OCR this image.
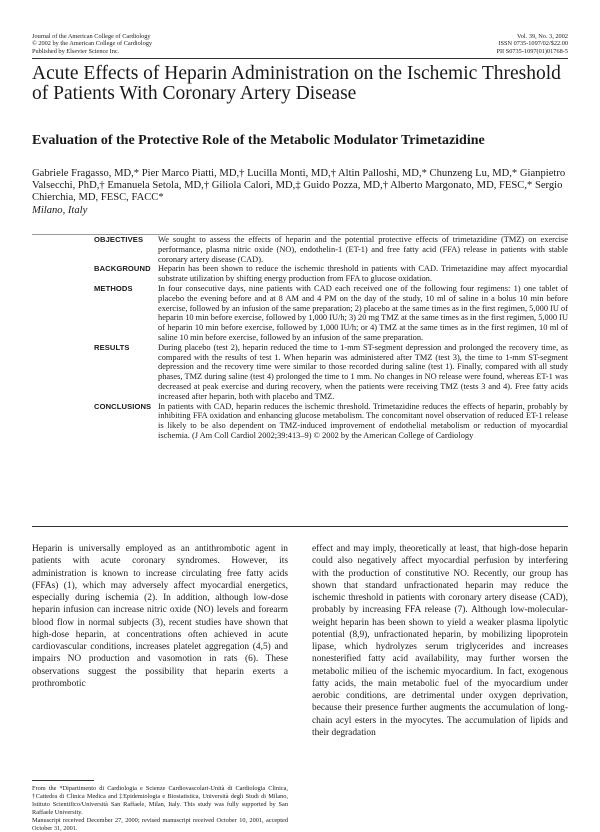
Journal of the American College of Cardiology
© 2002 by the American College of Cardiology
Published by Elsevier Science Inc.
Vol. 39, No. 3, 2002
ISSN 0735-1097/02/$22.00
PII S0735-1097(01)01768-5
Acute Effects of Heparin Administration on the Ischemic Threshold of Patients With Coronary Artery Disease
Evaluation of the Protective Role of the Metabolic Modulator Trimetazidine
Gabriele Fragasso, MD,* Pier Marco Piatti, MD,† Lucilla Monti, MD,† Altin Palloshi, MD,* Chunzeng Lu, MD,* Gianpietro Valsecchi, PhD,† Emanuela Setola, MD,† Giliola Calori, MD,‡ Guido Pozza, MD,† Alberto Margonato, MD, FESC,* Sergio Chierchia, MD, FESC, FACC*
Milano, Italy
OBJECTIVES	We sought to assess the effects of heparin and the potential protective effects of trimetazidine (TMZ) on exercise performance, plasma nitric oxide (NO), endothelin-1 (ET-1) and free fatty acid (FFA) release in patients with stable coronary artery disease (CAD).
BACKGROUND Heparin has been shown to reduce the ischemic threshold in patients with CAD. Trimetazidine may affect myocardial substrate utilization by shifting energy production from FFA to glucose oxidation.
METHODS	In four consecutive days, nine patients with CAD each received one of the following four regimens: 1) one tablet of placebo the evening before and at 8 AM and 4 PM on the day of the study, 10 ml of saline in a bolus 10 min before exercise, followed by an infusion of the same preparation; 2) placebo at the same times as in the first regimen, 5,000 IU of heparin 10 min before exercise, followed by 1,000 IU/h; 3) 20 mg TMZ at the same times as in the first regimen, 5,000 IU of heparin 10 min before exercise, followed by 1,000 IU/h; or 4) TMZ at the same times as in the first regimen, 10 ml of saline 10 min before exercise, followed by an infusion of the same preparation.
RESULTS	During placebo (test 2), heparin reduced the time to 1-mm ST-segment depression and prolonged the recovery time, as compared with the results of test 1. When heparin was administered after TMZ (test 3), the time to 1-mm ST-segment depression and the recovery time were similar to those recorded during saline (test 1). Finally, compared with all study phases, TMZ during saline (test 4) prolonged the time to 1 mm. No changes in NO release were found, whereas ET-1 was decreased at peak exercise and during recovery, when the patients were receiving TMZ (tests 3 and 4). Free fatty acids increased after heparin, both with placebo and TMZ.
CONCLUSIONS In patients with CAD, heparin reduces the ischemic threshold. Trimetazidine reduces the effects of heparin, probably by inhibiting FFA oxidation and enhancing glucose metabolism. The concomitant novel observation of reduced ET-1 release is likely to be also dependent on TMZ-induced improvement of endothelial metabolism or reduction of myocardial ischemia. (J Am Coll Cardiol 2002;39:413–9) © 2002 by the American College of Cardiology

Heparin is universally employed as an antithrombotic agent in patients with acute coronary syndromes. However, its administration is known to increase circulating free fatty acids (FFAs) (1), which may adversely affect myocardial energetics, especially during ischemia (2). In addition, although low-dose heparin infusion can increase nitric oxide (NO) levels and forearm blood flow in normal subjects (3), recent studies have shown that high-dose heparin, at concentrations often achieved in acute cardiovascular conditions, increases platelet aggregation (4,5) and impairs NO production and vasomotion in rats (6). These observations suggest the possibility that heparin exerts a prothrombotic

effect and may imply, theoretically at least, that high-dose heparin could also negatively affect myocardial perfusion by interfering with the production of constitutive NO. Recently, our group has shown that standard unfractionated heparin may reduce the ischemic threshold in patients with coronary artery disease (CAD), probably by increasing FFA release (7). Although low-molecular-weight heparin has been shown to yield a weaker plasma lipolytic potential (8,9), unfractionated heparin, by mobilizing lipoprotein lipase, which hydrolyzes serum triglycerides and increases nonesterified fatty acid availability, may further worsen the metabolic milieu of the ischemic myocardium. In fact, exogenous fatty acids, the main metabolic fuel of the myocardium under aerobic conditions, are detrimental under oxygen deprivation, because their presence further augments the accumulation of long-chain acyl esters in the myocytes. The accumulation of lipids and their degradation

From the *Dipartimento di Cardiologia e Scienze Cardiovascolari-Unità di Cardiologia Clinica, †Cattedra di Clinica Medica and ‡Epidemiologia e Biostatistica, Università degli Studi di Milano, Istituto Scientifico/Università San Raffaele, Milan, Italy. This study was fully supported by San Raffaele University.

Manuscript received December 27, 2000; revised manuscript received October 10, 2001, accepted October 31, 2001.
